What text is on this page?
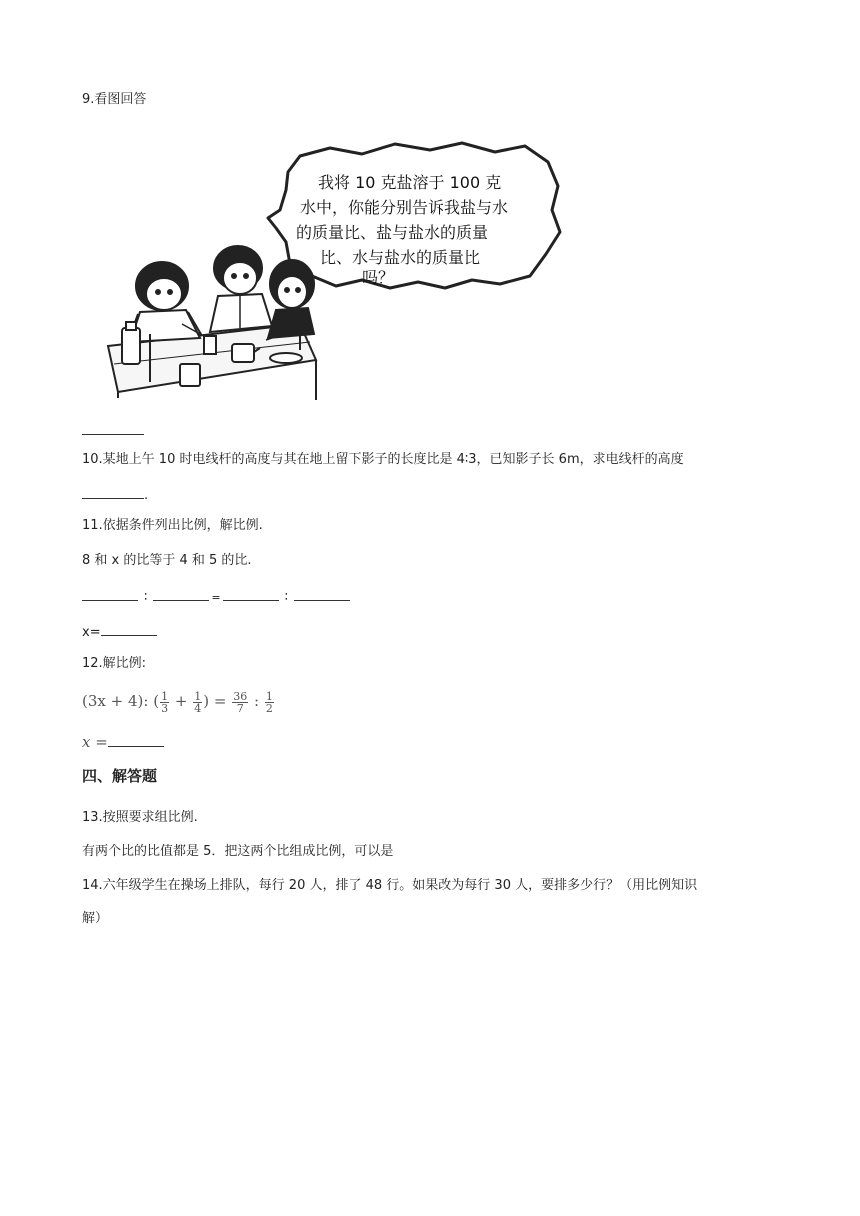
9.看图回答
我将 10 克盐溶于 100 克
水中，你能分别告诉我盐与水
的质量比、盐与盐水的质量
比、水与盐水的质量比
吗？
10.某地上午 10 时电线杆的高度与其在地上留下影子的长度比是 4∶3，已知影子长 6m，求电线杆的高度
.
11.依据条件列出比例，解比例.
8 和 x 的比等于 4 和 5 的比.
∶	=	∶
x=
12.解比例:
(3x + 4): ( $\frac{1}{3} + \frac{1}{4}$ ) = $\frac{36}{7}$ : $\frac{1}{2}$
x =
四、解答题
13.按照要求组比例.
有两个比的比值都是 5．把这两个比组成比例，可以是
14.六年级学生在操场上排队，每行 20 人，排了 48 行。如果改为每行 30 人，要排多少行？（用比例知识
解）
